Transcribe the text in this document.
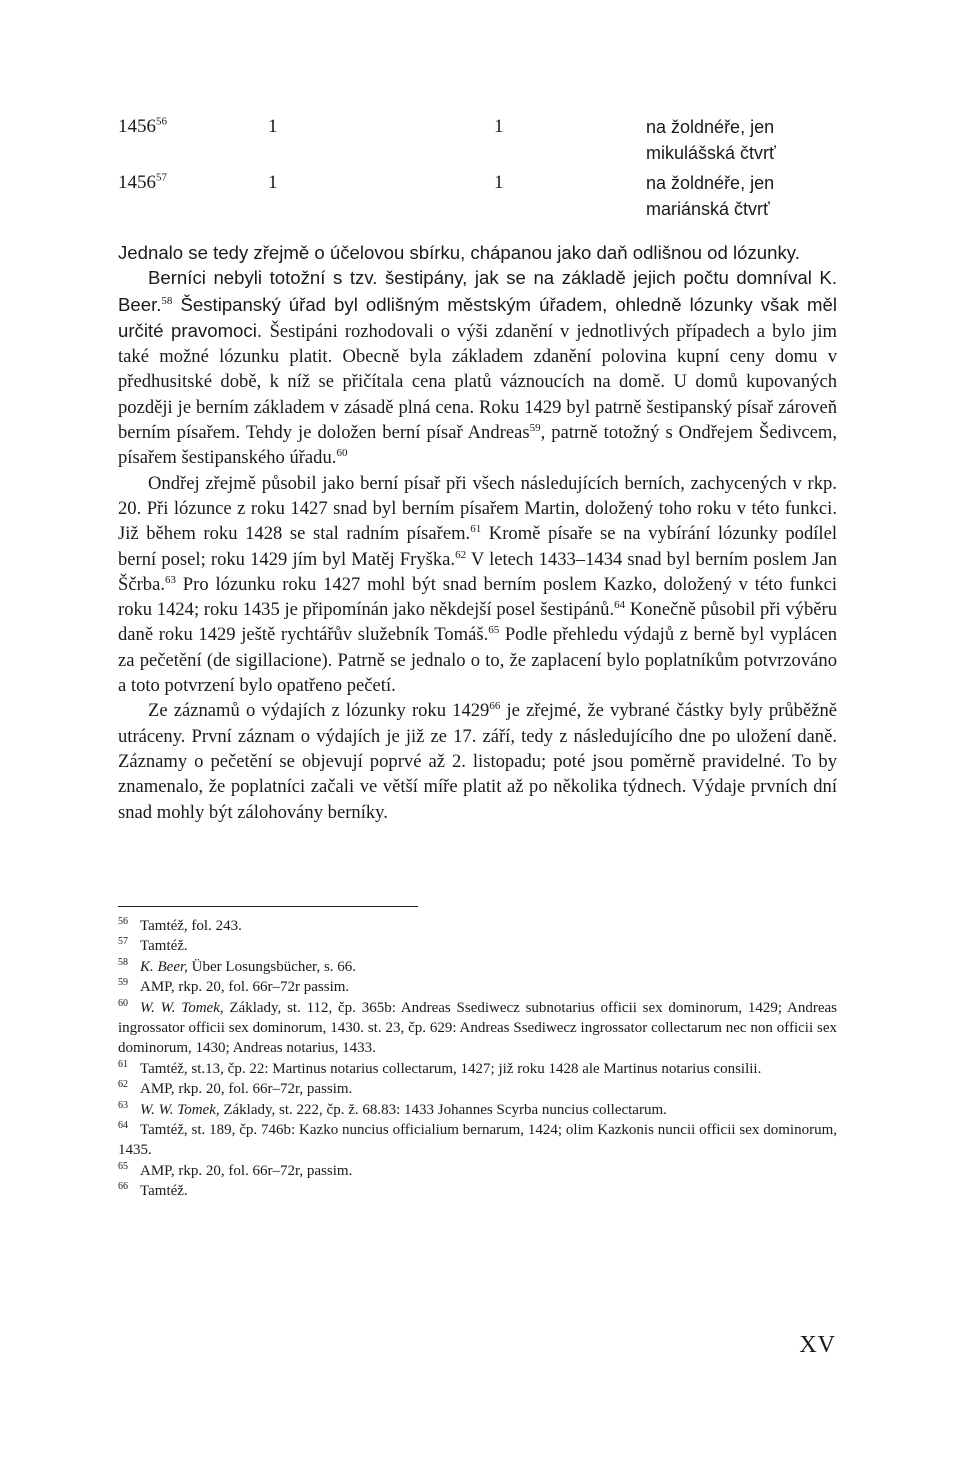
1456$^{56}$	1	1	na žoldnéře, jen
mikulášská čtvrť
1456$^{57}$	1	1	na žoldnéře, jen
mariánská čtvrť

Jednalo se tedy zřejmě o účelovou sbírku, chápanou jako daň odlišnou od lózunky.

Berníci nebyli totožní s tzv. šestipány, jak se na základě jejich počtu domníval K. Beer.$^{58}$ Šestipanský úřad byl odlišným městským úřadem, ohledně lózunky však měl určité pravomoci. Šestipáni rozhodovali o výši zdanění v jednotlivých případech a bylo jim také možné lózunku platit. Obecně byla základem zdanění polovina kupní ceny domu v předhusitské době, k níž se přičítala cena platů váznoucích na domě. U domů kupovaných později je berním základem v zásadě plná cena. Roku 1429 byl patrně šestipanský písař zároveň berním písařem. Tehdy je doložen berní písař Andreas$^{59}$, patrně totožný s Ondřejem Šedivcem, písařem šestipanského úřadu.$^{60}$

Ondřej zřejmě působil jako berní písař při všech následujících berních, zachycených v rkp. 20. Při lózunce z roku 1427 snad byl berním písařem Martin, doložený toho roku v této funkci. Již během roku 1428 se stal radním písařem.$^{61}$ Kromě písaře se na vybírání lózunky podílel berní posel; roku 1429 jím byl Matěj Fryška.$^{62}$ V letech 1433–1434 snad byl berním poslem Jan Ščrba.$^{63}$ Pro lózunku roku 1427 mohl být snad berním poslem Kazko, doložený v této funkci roku 1424; roku 1435 je připomínán jako někdejší posel šestipánů.$^{64}$ Konečně působil při výběru daně roku 1429 ještě rychtářův služebník Tomáš.$^{65}$ Podle přehledu výdajů z berně byl vyplácen za pečetění (de sigillacione). Patrně se jednalo o to, že zaplacení bylo poplatníkům potvrzováno a toto potvrzení bylo opatřeno pečetí.

Ze záznamů o výdajích z lózunky roku 1429$^{66}$ je zřejmé, že vybrané částky byly průběžně utráceny. První záznam o výdajích je již ze 17. září, tedy z následujícího dne po uložení daně. Záznamy o pečetění se objevují poprvé až 2. listopadu; poté jsou poměrně pravidelné. To by znamenalo, že poplatníci začali ve větší míře platit až po několika týdnech. Výdaje prvních dní snad mohly být zálohovány berníky.

56 Tamtéž, fol. 243.

57 Tamtéž.

58 K. Beer, Über Losungsbücher, s. 66.

59 AMP, rkp. 20, fol. 66r–72r passim.

60 W. W. Tomek, Základy, st. 112, čp. 365b: Andreas Ssediwecz subnotarius officii sex dominorum, 1429; Andreas ingrossator officii sex dominorum, 1430. st. 23, čp. 629: Andreas Ssediwecz ingrossator collectarum nec non officii sex dominorum, 1430; Andreas notarius, 1433.

61 Tamtéž, st.13, čp. 22: Martinus notarius collectarum, 1427; již roku 1428 ale Martinus notarius consilii.

62 AMP, rkp. 20, fol. 66r–72r, passim.

63 W. W. Tomek, Základy, st. 222, čp. ž. 68.83: 1433 Johannes Scyrba nuncius collectarum.

64 Tamtéž, st. 189, čp. 746b: Kazko nuncius officialium bernarum, 1424; olim Kazkonis nuncii officii sex dominorum, 1435.

65 AMP, rkp. 20, fol. 66r–72r, passim.

66 Tamtéž.

XV
